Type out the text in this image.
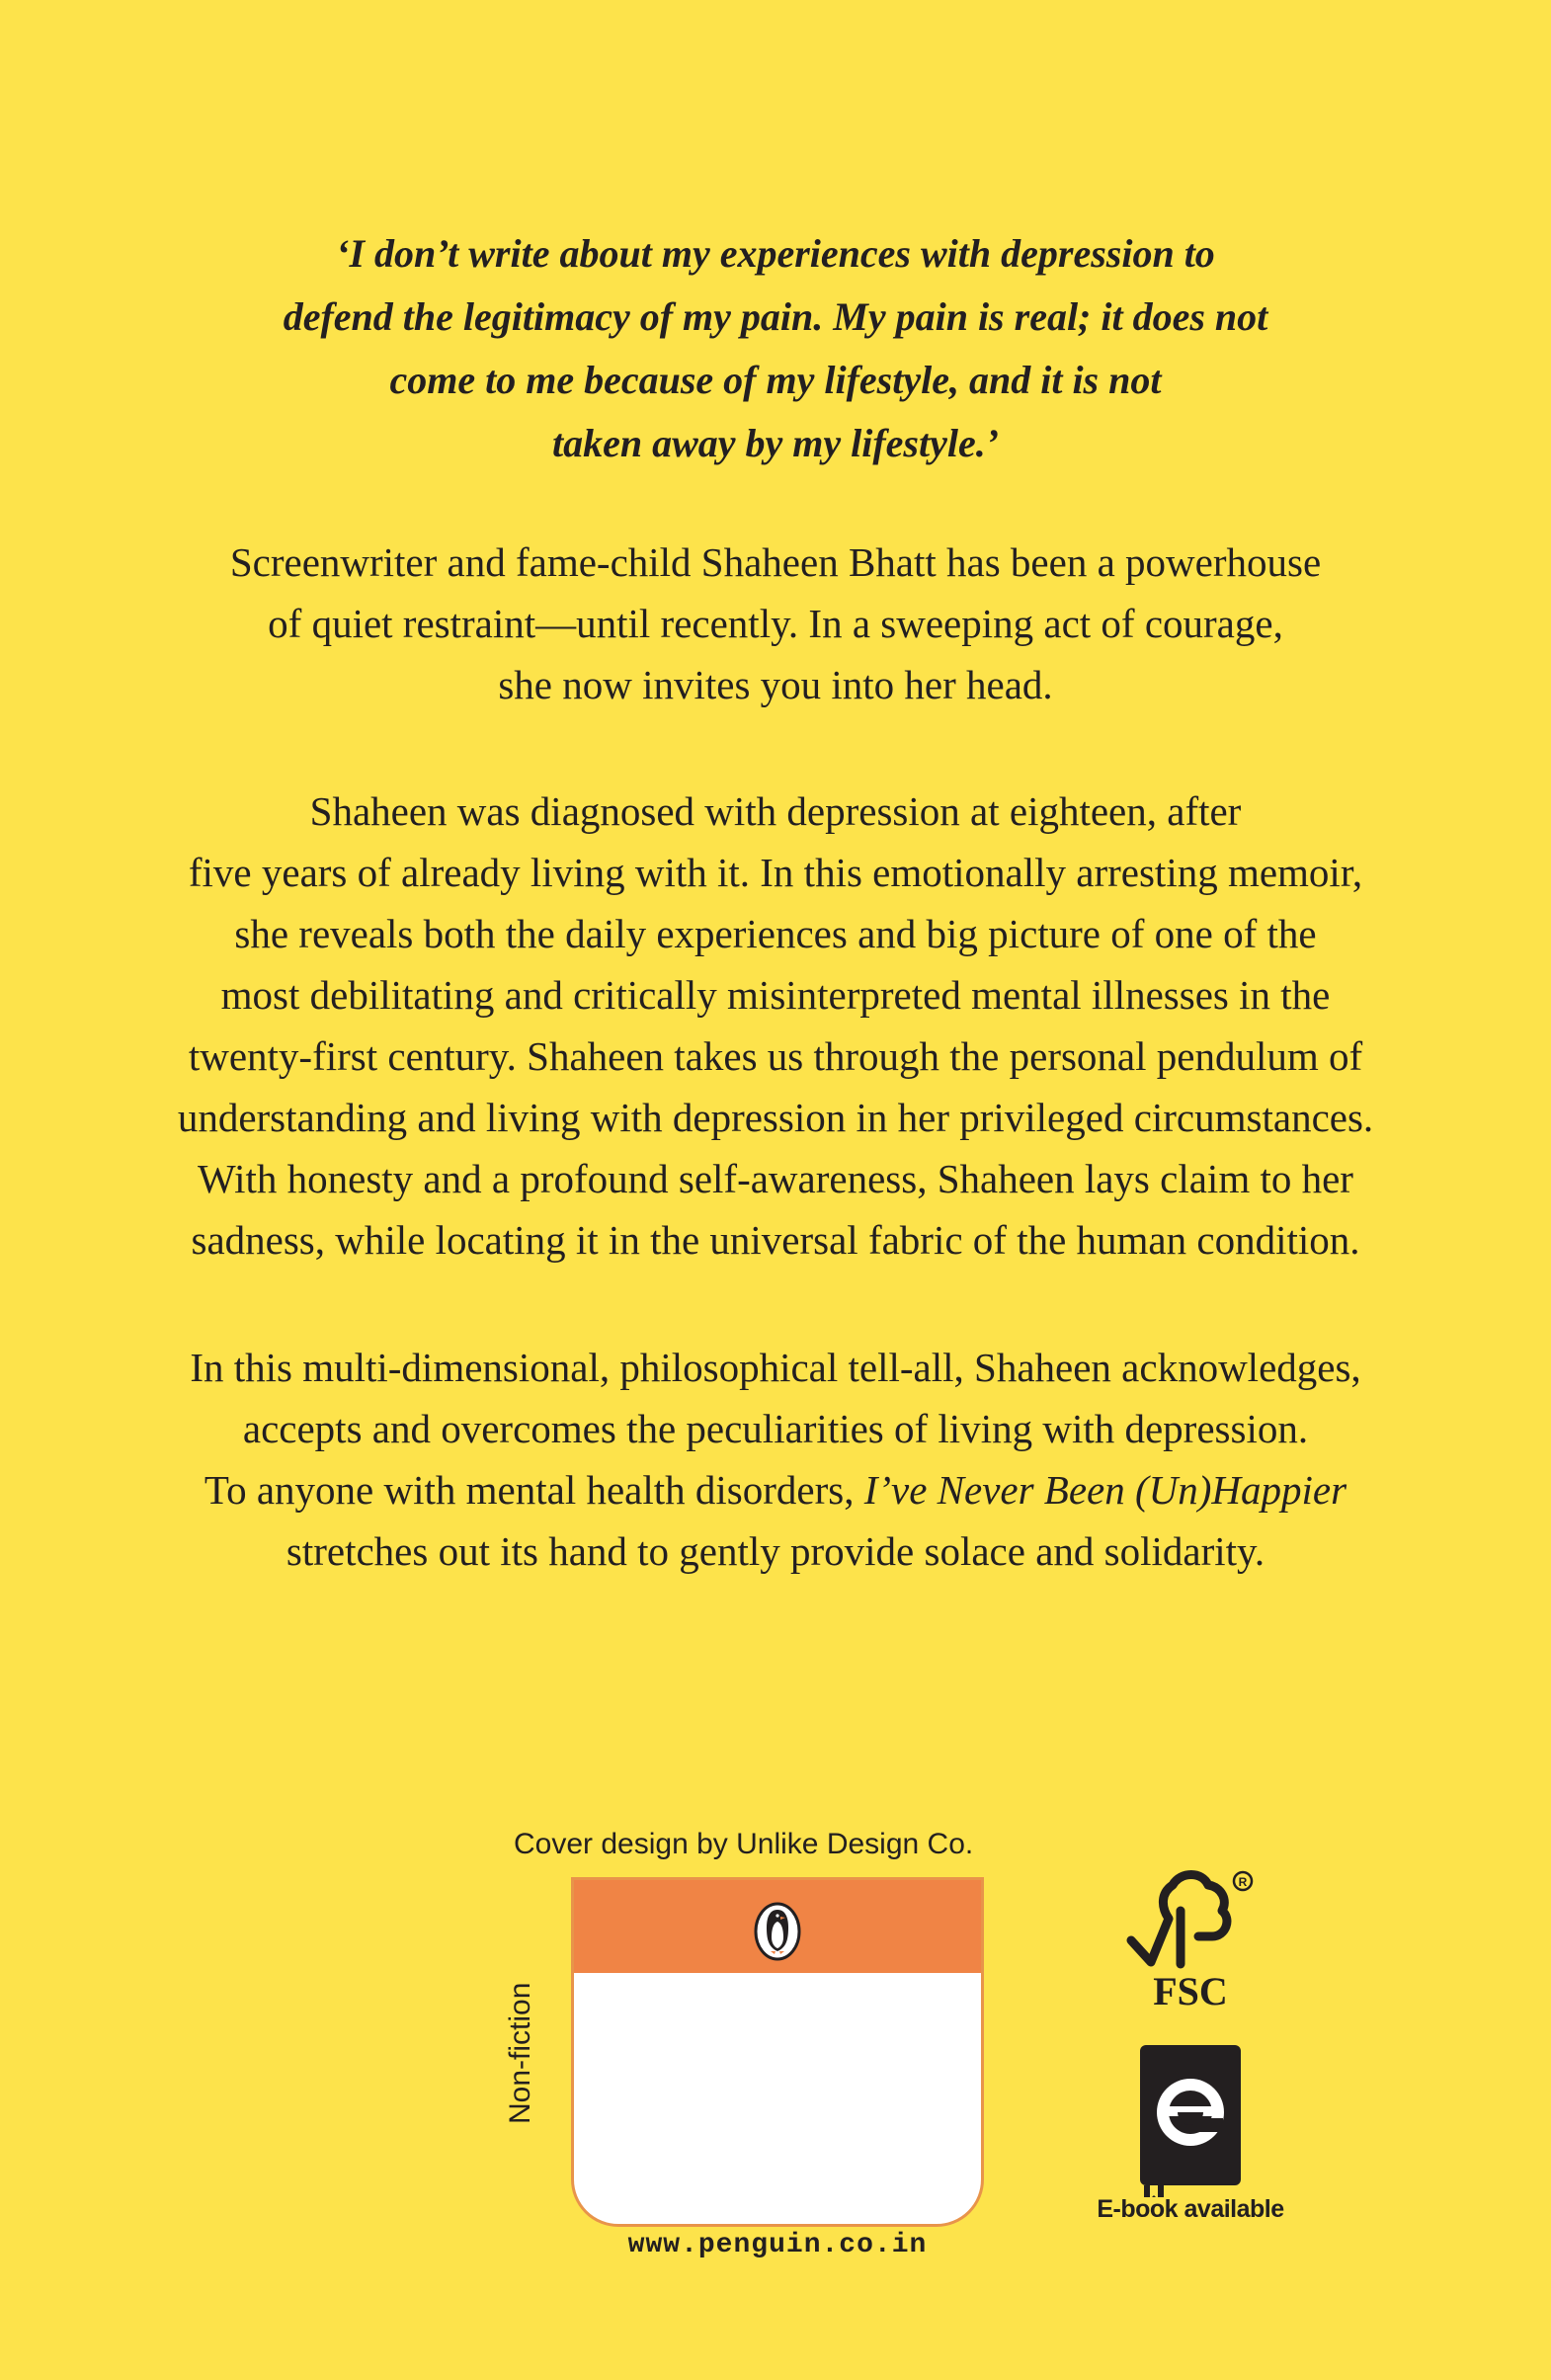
‘I don’t write about my experiences with depression to
defend the legitimacy of my pain. My pain is real; it does not
come to me because of my lifestyle, and it is not
taken away by my lifestyle.’
Screenwriter and fame-child Shaheen Bhatt has been a powerhouse
of quiet restraint—until recently. In a sweeping act of courage,
she now invites you into her head.
Shaheen was diagnosed with depression at eighteen, after
five years of already living with it. In this emotionally arresting memoir,
she reveals both the daily experiences and big picture of one of the
most debilitating and critically misinterpreted mental illnesses in the
twenty-first century. Shaheen takes us through the personal pendulum of
understanding and living with depression in her privileged circumstances.
With honesty and a profound self-awareness, Shaheen lays claim to her
sadness, while locating it in the universal fabric of the human condition.
In this multi-dimensional, philosophical tell-all, Shaheen acknowledges,
accepts and overcomes the peculiarities of living with depression.
To anyone with mental health disorders, I’ve Never Been (Un)Happier
stretches out its hand to gently provide solace and solidarity.
Cover design by Unlike Design Co.
Non-fiction
www.penguin.co.in
R
FSC
E-book available
